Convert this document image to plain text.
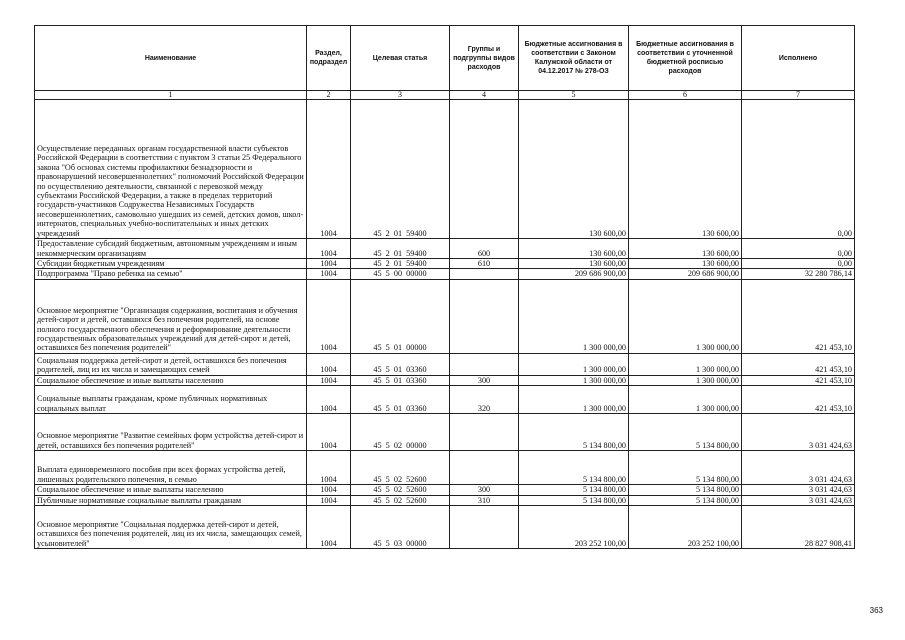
Наименование	Раздел, подраздел	Целевая статья	Группы и подгруппы видов расходов	Бюджетные ассигнования в соответствии с Законом Калужской области от 04.12.2017 № 278-ОЗ	Бюджетные ассигнования в соответствии с уточненной бюджетной росписью расходов	Исполнено
1	2	3	4	5	6	7
Осуществление переданных органам государственной власти субъектов Российской Федерации в соответствии с пунктом 3 статьи 25 Федерального закона "Об основах системы профилактики безнадзорности и правонарушений несовершеннолетних" полномочий Российской Федерации по осуществлению деятельности, связанной с перевозкой между субъектами Российской Федерации, а также в пределах территорий государств-участников Содружества Независимых Государств несовершеннолетних, самовольно ушедших из семей, детских домов, школ-интернатов, специальных учебно-воспитательных и иных детских учреждений	1004	45  2  01  59400		130 600,00	130 600,00	0,00
Предоставление субсидий бюджетным, автономным учреждениям и иным некоммерческим организациям	1004	45  2  01  59400	600	130 600,00	130 600,00	0,00
Субсидии бюджетным учреждениям	1004	45  2  01  59400	610	130 600,00	130 600,00	0,00
Подпрограмма "Право ребенка на семью"	1004	45  5  00  00000		209 686 900,00	209 686 900,00	32 280 786,14
Основное мероприятие "Организация содержания, воспитания и обучения детей-сирот и детей, оставшихся без попечения родителей, на основе полного государственного обеспечения и реформирование деятельности государственных образовательных учреждений для детей-сирот и детей, оставшихся без попечения родителей"	1004	45  5  01  00000		1 300 000,00	1 300 000,00	421 453,10
Социальная поддержка детей-сирот и детей, оставшихся без попечения родителей, лиц из их числа и замещающих семей	1004	45  5  01  03360		1 300 000,00	1 300 000,00	421 453,10
Социальное обеспечение и иные выплаты населению	1004	45  5  01  03360	300	1 300 000,00	1 300 000,00	421 453,10
Социальные выплаты гражданам, кроме публичных нормативных социальных выплат	1004	45  5  01  03360	320	1 300 000,00	1 300 000,00	421 453,10
Основное мероприятие "Развитие семейных форм устройства детей-сирот и детей, оставшихся без попечения родителей"	1004	45  5  02  00000		5 134 800,00	5 134 800,00	3 031 424,63
Выплата единовременного пособия при всех формах устройства детей, лишенных родительского попечения, в семью	1004	45  5  02  52600		5 134 800,00	5 134 800,00	3 031 424,63
Социальное обеспечение и иные выплаты населению	1004	45  5  02  52600	300	5 134 800,00	5 134 800,00	3 031 424,63
Публичные нормативные социальные выплаты гражданам	1004	45  5  02  52600	310	5 134 800,00	5 134 800,00	3 031 424,63
Основное мероприятие "Социальная поддержка детей-сирот и детей, оставшихся без попечения родителей, лиц из их числа, замещающих семей, усыновителей"	1004	45  5  03  00000		203 252 100,00	203 252 100,00	28 827 908,41
363
